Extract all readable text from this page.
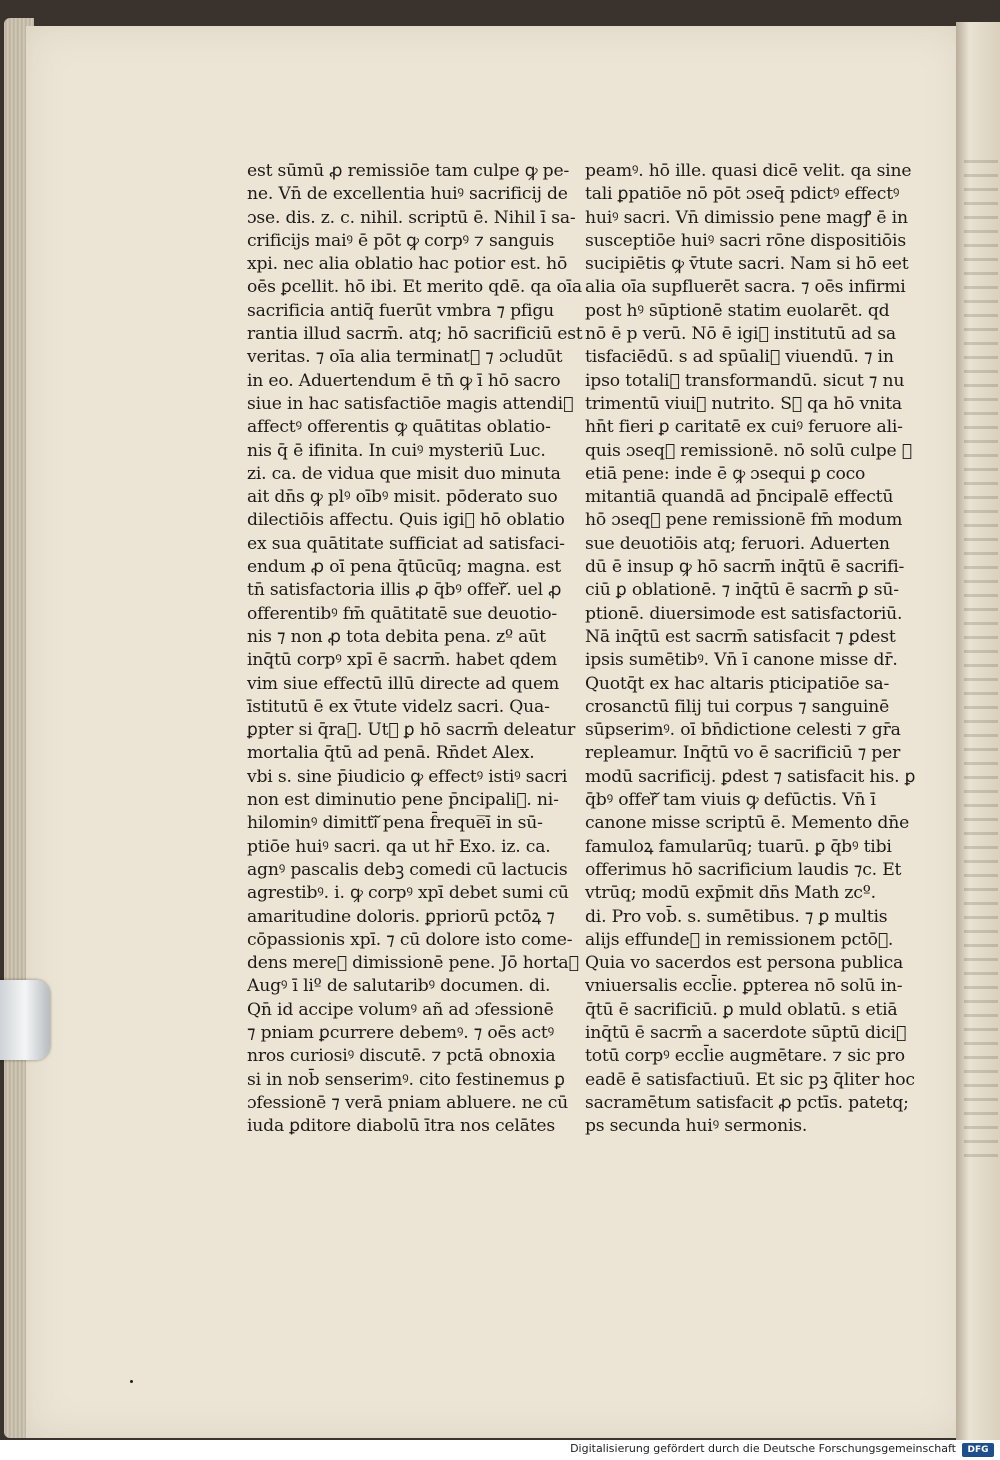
est sūmū ꝓ remissiōe tam culpe ꝙ pe-
ne. Vn̄ de excellentia huiꝰ sacrificij de
ɔse. dis. z. c. nihil. scriptū ē. Nihil ī sa-
crificijs maiꝰ ē pōt ꝙ corpꝰ ⁊ sanguis
xpi. nec alia oblatio hac potior est. hō
oēs ꝑcellit. hō ibi. Et merito qdē. qa oīa
sacrificia antiq̄ fuerūt vmbra ⁊ pfigu
rantia illud sacrm̄. atq; hō sacrificiū est
veritas. ⁊ oīa alia terminatᷓ ⁊ ɔcludūt
in eo. Aduertendum ē tn̄ ꝙ ī hō sacro
siue in hac satisfactiōe magis attendiᷓ
affectꝰ offerentis ꝙ quātitas oblatio-
nis q̄ ē ifinita. In cuiꝰ mysteriū Luc.
zi. ca. de vidua que misit duo minuta
ait dn̄s ꝙ plꝰ oībꝰ misit. pōderato suo
dilectiōis affectu. Quis igiᷓ hō oblatio
ex sua quātitate sufficiat ad satisfaci-
endum ꝓ oī pena q̄tūcūq; magna. est
tn̄ satisfactoria illis ꝓ q̄bꝰ offerᷓ. uel ꝓ
offerentibꝰ fm̄ quātitatē sue deuotio-
nis ⁊ non ꝓ tota debita pena. zº aūt
inq̄tū corpꝰ xpī ē sacrm̄. habet qdem
vim siue effectū illū directe ad quem
īstitutū ē ex v̄tute videlz sacri. Qua-
ꝑpter si q̄raᷓ. Utꝝ ꝑ hō sacrm̄ deleatur
mortalia q̄tū ad penā. Rn̄det Alex.
vbi s. sine p̄iudicio ꝙ effectꝰ istiꝰ sacri
non est diminutio pene p̄ncipaliᷓ. ni-
hilominꝰ dimittiᷓ pena f̄reque̅ī in sū-
ptiōe huiꝰ sacri. qa ut hr̄ Exo. iz. ca.
agnꝰ pascalis debꝫ comedi cū lactucis
agrestibꝰ. i. ꝙ corpꝰ xpī debet sumi cū
amaritudine doloris. ꝑpriorū pctōꝝ ⁊
cōpassionis xpī. ⁊ cū dolore isto come-
dens mereᷓ dimissionē pene. Jō hortaᷓ
Augꝰ ī liº de salutaribꝰ documen. di.
Qn̄ id accipe volumꝰ añ ad ɔfessionē
⁊ pniam ꝑcurrere debemꝰ. ⁊ oēs actꝰ
nros curiosiꝰ discutē. ⁊ pctā obnoxia
si in nob̄ senserimꝰ. cito festinemus ꝑ
ɔfessionē ⁊ verā pniam abluere. ne cū
iuda ꝑditore diabolū ītra nos celātes
peamꝰ. hō ille. quasi dicē velit. qa sine
tali ꝑpatiōe nō pōt ɔseq̄ pdictꝰ effectꝰ
huiꝰ sacri. Vn̄ dimissio pene magꝭ ē in
susceptiōe huiꝰ sacri rōne dispositiōis
sucipiētis ꝙ v̄tute sacri. Nam si hō eet
alia oīa supfluerēt sacra. ⁊ oēs infirmi
post hꝰ sūptionē statim euolarēt. qd
nō ē p verū. Nō ē igiᷓ institutū ad sa
tisfaciēdū. s ad spūaliᷓ viuendū. ⁊ in
ipso totaliᷓ transformandū. sicut ⁊ nu
trimentū viuiᷓ nutrito. Sꝫ qa hō vnita
hn̄t fieri ꝑ caritatē ex cuiꝰ feruore ali-
quis ɔseqᷓ remissionē. nō solū culpe ꝭ
etiā pene: inde ē ꝙ ɔsequi ꝑ coco
mitantiā quandā ad p̄ncipalē effectū
hō ɔseqᷓ pene remissionē fm̄ modum
sue deuotiōis atq; feruori. Aduerten
dū ē insup ꝙ hō sacrm̄ inq̄tū ē sacrifi-
ciū ꝑ oblationē. ⁊ inq̄tū ē sacrm̄ ꝑ sū-
ptionē. diuersimode est satisfactoriū.
Nā inq̄tū est sacrm̄ satisfacit ⁊ ꝑdest
ipsis sumētibꝰ. Vn̄ ī canone misse dr̄.
Quotq̄t ex hac altaris pticipatiōe sa-
crosanctū filij tui corpus ⁊ sanguinē
sūpserimꝰ. oī bn̄dictione celesti ⁊ gr̄a
repleamur. Inq̄tū vo ē sacrificiū ⁊ per
modū sacrificij. ꝑdest ⁊ satisfacit his. ꝑ
q̄bꝰ offerᷓ tam viuis ꝙ defūctis. Vn̄ ī
canone misse scriptū ē. Memento dn̄e
famuloꝝ famularūq; tuarū. ꝑ q̄bꝰ tibi
offerimus hō sacrificium laudis ⁊c. Et
vtrūq; modū exp̄mit dn̄s Math zcº.
di. Pro vob̄. s. sumētibus. ⁊ ꝑ multis
alijs effundeᷓ in remissionem pctōꝝ.
Quia vo sacerdos est persona publica
vniuersalis eccl̄ie. ꝑpterea nō solū in-
q̄tū ē sacrificiū. ꝑ muld oblatū. s etiā
inq̄tū ē sacrm̄ a sacerdote sūptū diciᷓ
totū corpꝰ eccl̄ie augmētare. ⁊ sic pro
eadē ē satisfactiuū. Et sic pꝫ q̄liter hoc
sacramētum satisfacit ꝓ pctīs. patetq;
ps secunda huiꝰ sermonis.
Digitalisierung gefördert durch die Deutsche Forschungsgemeinschaft	DFG
